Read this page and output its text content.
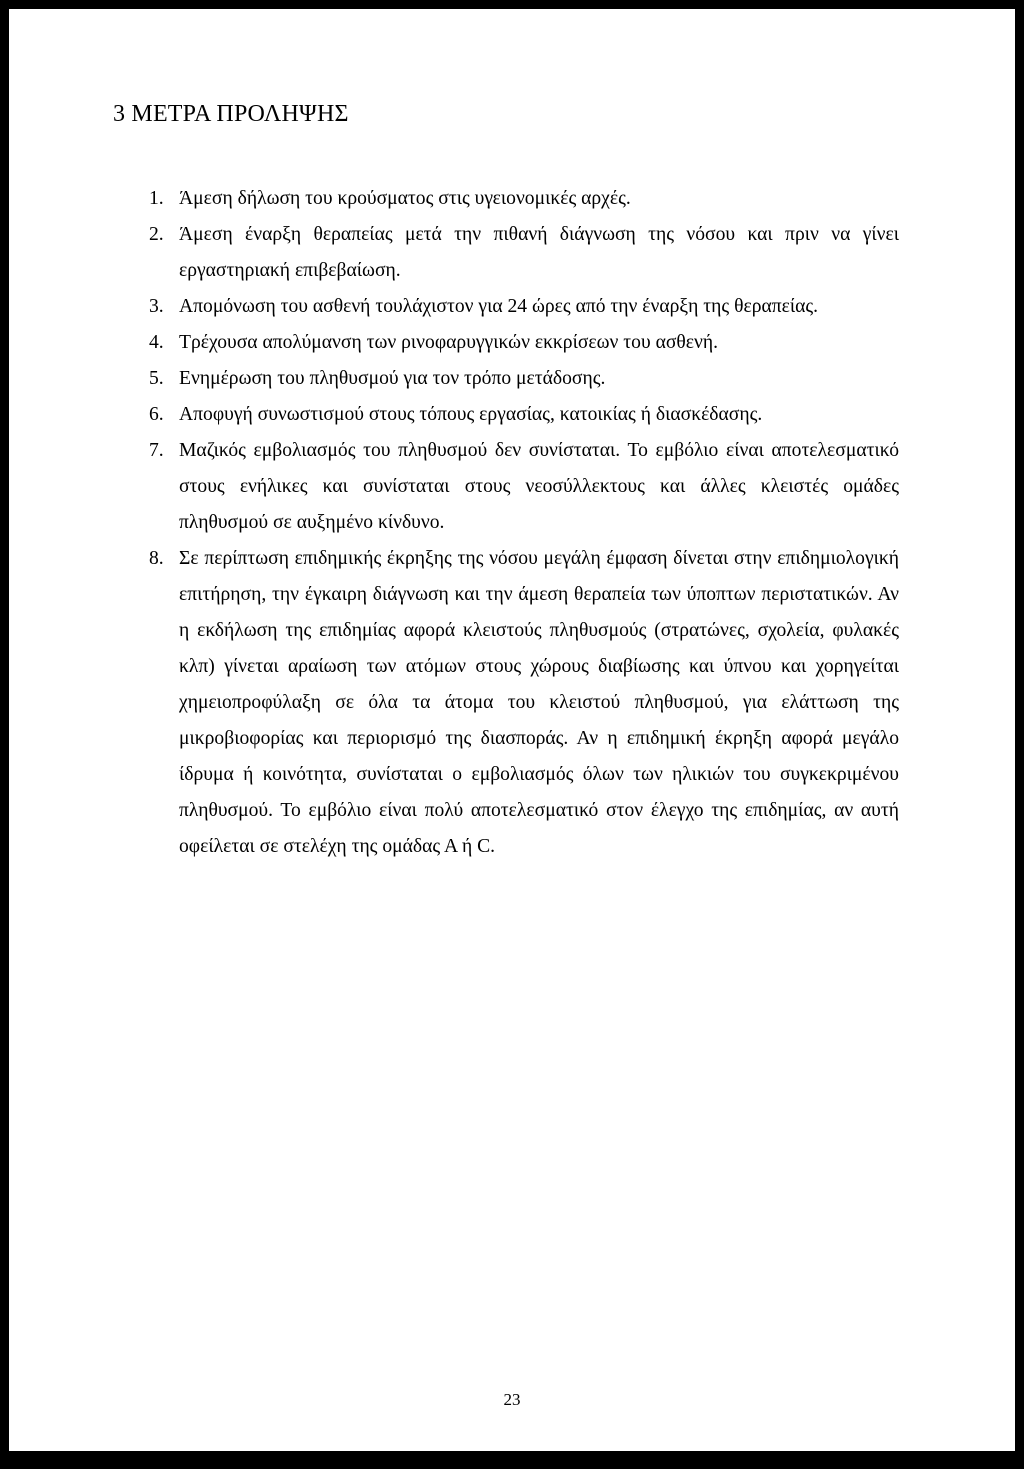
3 ΜΕΤΡΑ ΠΡΟΛΗΨΗΣ
1. Άμεση δήλωση του κρούσματος στις υγειονομικές αρχές.
2. Άμεση έναρξη θεραπείας μετά την πιθανή διάγνωση της νόσου και πριν να γίνει εργαστηριακή επιβεβαίωση.
3. Απομόνωση του ασθενή τουλάχιστον για 24 ώρες από την έναρξη της θεραπείας.
4. Τρέχουσα απολύμανση των ρινοφαρυγγικών εκκρίσεων του ασθενή.
5. Ενημέρωση του πληθυσμού για τον τρόπο μετάδοσης.
6. Αποφυγή συνωστισμού στους τόπους εργασίας, κατοικίας ή διασκέδασης.
7. Μαζικός εμβολιασμός του πληθυσμού δεν συνίσταται. Το εμβόλιο είναι αποτελεσματικό στους ενήλικες και συνίσταται στους νεοσύλλεκτους και άλλες κλειστές ομάδες πληθυσμού σε αυξημένο κίνδυνο.
8. Σε περίπτωση επιδημικής έκρηξης της νόσου μεγάλη έμφαση δίνεται στην επιδημιολογική επιτήρηση, την έγκαιρη διάγνωση και την άμεση θεραπεία των ύποπτων περιστατικών. Αν η εκδήλωση της επιδημίας αφορά κλειστούς πληθυσμούς (στρατώνες, σχολεία, φυλακές κλπ) γίνεται αραίωση των ατόμων στους χώρους διαβίωσης και ύπνου και χορηγείται χημειοπροφύλαξη σε όλα τα άτομα του κλειστού πληθυσμού, για ελάττωση της μικροβιοφορίας και περιορισμό της διασποράς. Αν η επιδημική έκρηξη αφορά μεγάλο ίδρυμα ή κοινότητα, συνίσταται ο εμβολιασμός όλων των ηλικιών του συγκεκριμένου πληθυσμού. Το εμβόλιο είναι πολύ αποτελεσματικό στον έλεγχο της επιδημίας, αν αυτή οφείλεται σε στελέχη της ομάδας Α ή C.
23
